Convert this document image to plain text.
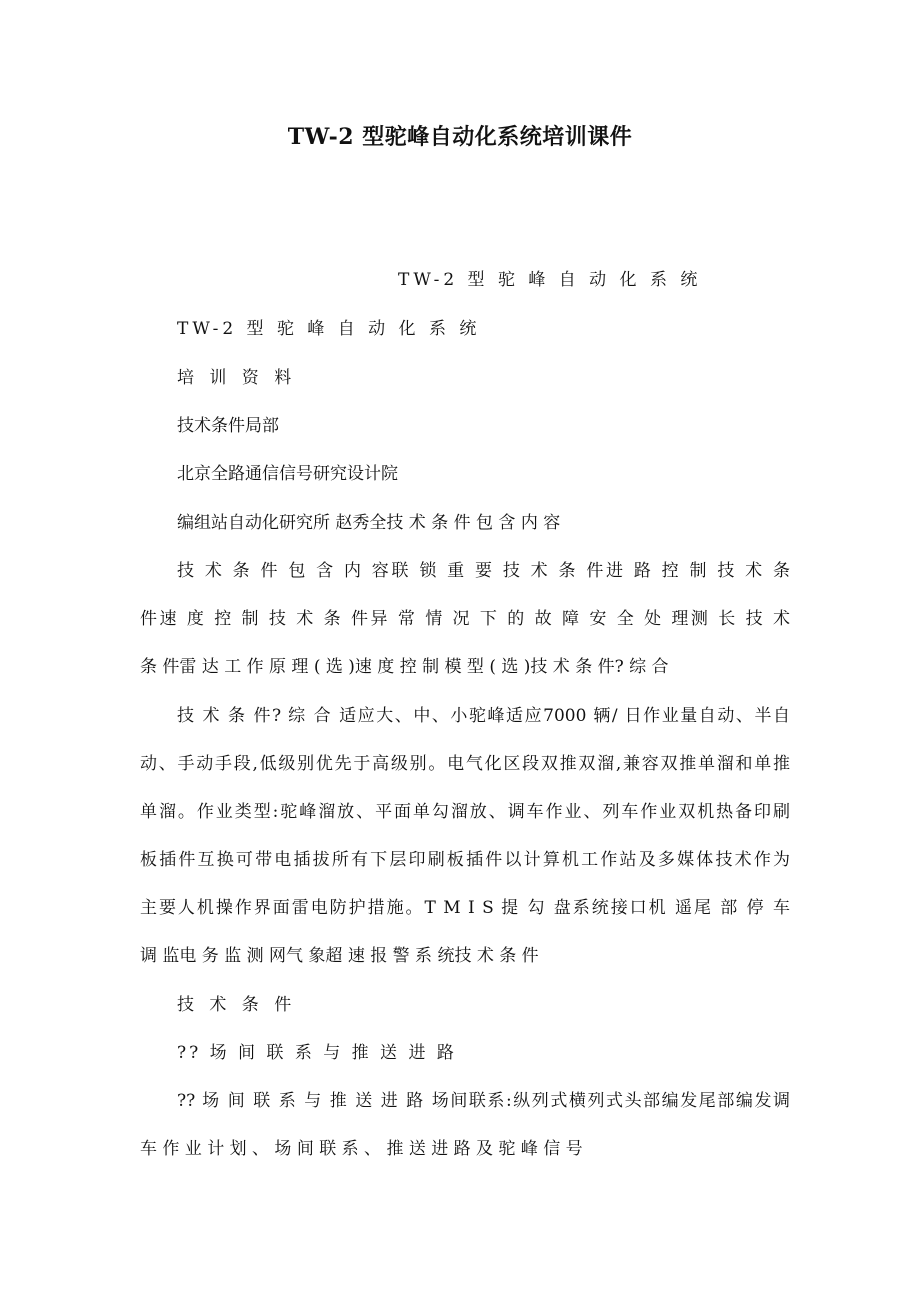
TW-2 型驼峰自动化系统培训课件
TW-2 型 驼 峰 自 动 化 系 统
TW-2 型 驼 峰 自 动 化 系 统
培 训 资 料
技术条件局部
北京全路通信信号研究设计院
编组站自动化研究所 赵秀全技 术 条 件 包 含 内 容
技 术 条 件 包 含 内 容联 锁 重 要 技 术 条 件进 路 控 制 技 术 条
件速 度 控 制 技 术 条 件异 常 情 况 下 的 故 障 安 全 处 理测 长 技 术
条 件雷 达 工 作 原 理 ( 选 )速 度 控 制 模 型 ( 选 )技 术 条 件? 综 合
技 术 条 件? 综 合 适应大、中、小驼峰适应7000 辆/ 日作业量自动、半自
动、手动手段,低级别优先于高级别。电气化区段双推双溜,兼容双推单溜和单推
单溜。作业类型:驼峰溜放、平面单勾溜放、调车作业、列车作业双机热备印刷
板插件互换可带电插拔所有下层印刷板插件以计算机工作站及多媒体技术作为
主要人机操作界面雷电防护措施。T M I S 提 勾 盘系统接口机 遥尾 部 停 车
调 监电 务 监 测 网气 象超 速 报 警 系 统技 术 条 件
技 术 条 件
?? 场 间 联 系 与 推 送 进 路
?? 场 间 联 系 与 推 送 进 路 场间联系:纵列式横列式头部编发尾部编发调
车 作 业 计 划 、 场 间 联 系 、 推 送 进 路 及 驼 峰 信 号
